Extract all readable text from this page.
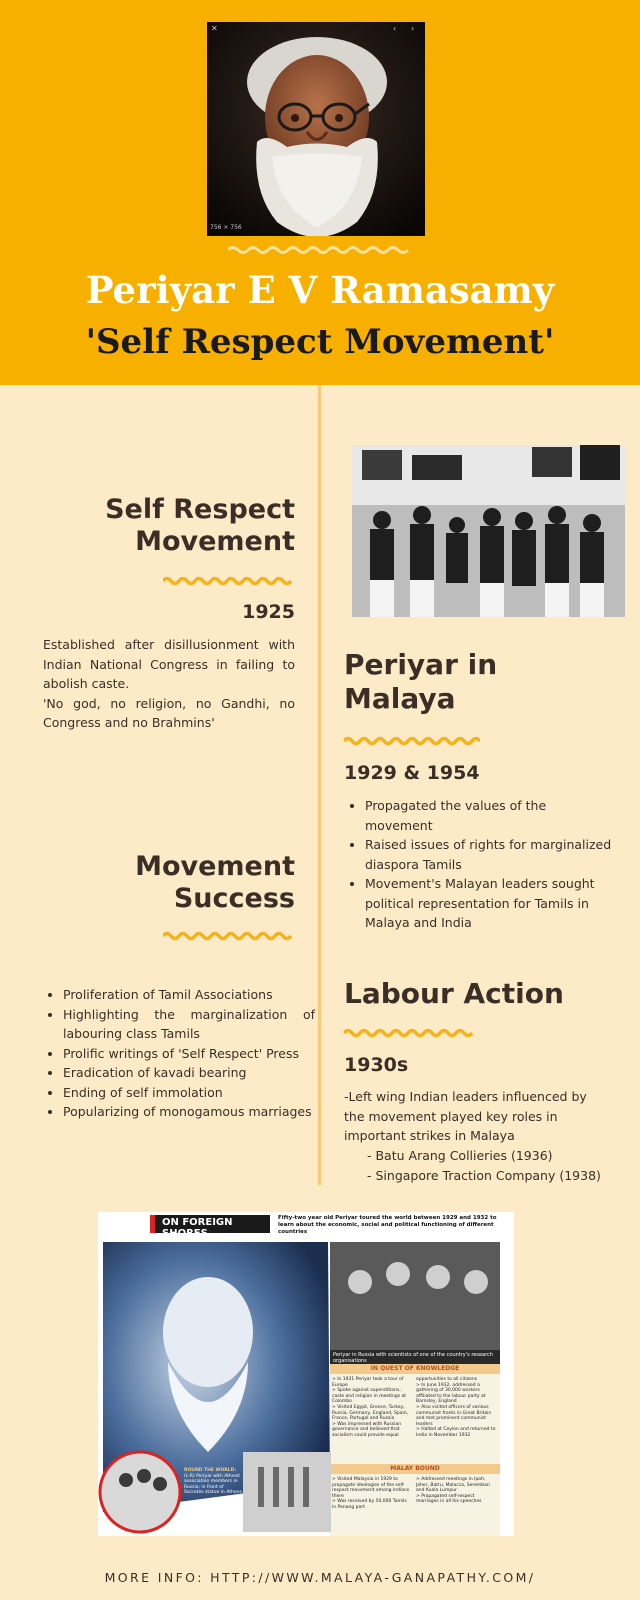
✕	‹ ›
756 × 756
Periyar E V Ramasamy
'Self Respect Movement'
Self Respect
Movement
1925
Established after disillusionment with Indian National Congress in failing to abolish caste.
'No god, no religion, no Gandhi, no Congress and no Brahmins'
Periyar in
Malaya
1929 & 1954
• Propagated the values of the movement
• Raised issues of rights for marginalized diaspora Tamils
• Movement's Malayan leaders sought political representation for Tamils in Malaya and India
Movement
Success
• Proliferation of Tamil Associations
• Highlighting the marginalization of labouring class Tamils
• Prolific writings of 'Self Respect' Press
• Eradication of kavadi bearing
• Ending of self immolation
• Popularizing of monogamous marriages
Labour Action
1930s
-Left wing Indian leaders influenced by the movement played key roles in important strikes in Malaya
- Batu Arang Collieries (1936)
- Singapore Traction Company (1938)
ON FOREIGN SHORES
Fifty-two year old Periyar toured the world between 1929 and 1932 to learn about the economic, social and political functioning of different countries
Periyar in Russia with scientists of one of the country's research organisations
IN QUEST OF KNOWLEDGE
> In 1931 Periyar took a tour of Europe
> Spoke against superstitions, caste and religion in meetings at Colombo
> Visited Egypt, Greece, Turkey, Russia, Germany, England, Spain, France, Portugal and Russia
> Was impressed with Russian governance and believed that socialism could provide equal
opportunities to all citizens
> In June 1932, addressed a gathering of 30,000 workers affiliated to the labour party at Barnsley, England
> Also visited officers of various communist fronts in Great Britain and met prominent communist leaders
> Halted at Ceylon and returned to India in November 1932
MALAY BOUND
> Visited Malaysia in 1929 to propagate ideologies of the self-respect movement among Indians there
> Was received by 50,000 Tamils in Penang port
> Addressed meetings in Ipoh, Johor, Batru, Malacca, Seremban and Kuala Lumpur
> Propagated self-respect marriages in all his speeches
ROUND THE WORLD:
(L-R) Periyar with Atheist association members in Russia; in front of Socrates statue in Athens
MORE INFO: HTTP://WWW.MALAYA-GANAPATHY.COM/
